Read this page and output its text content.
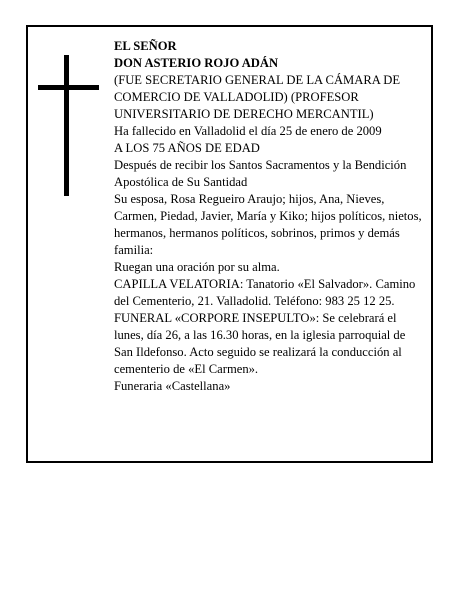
EL SEÑOR

DON ASTERIO ROJO ADÁN

(FUE SECRETARIO GENERAL DE LA CÁMARA DE COMERCIO DE VALLADOLID) (PROFESOR UNIVERSITARIO DE DERECHO MERCANTIL)

Ha fallecido en Valladolid el día 25 de enero de 2009

A LOS 75 AÑOS DE EDAD

Después de recibir los Santos Sacramentos y la Bendición Apostólica de Su Santidad

Su esposa, Rosa Regueiro Araujo; hijos, Ana, Nieves, Carmen, Piedad, Javier, María y Kiko; hijos políticos, nietos, hermanos, hermanos políticos, sobrinos, primos y demás familia:

Ruegan una oración por su alma.

CAPILLA VELATORIA: Tanatorio «El Salvador». Camino del Cementerio, 21. Valladolid. Teléfono: 983 25 12 25.

FUNERAL «CORPORE INSEPULTO»: Se celebrará el lunes, día 26, a las 16.30 horas, en la iglesia parroquial de San Ildefonso. Acto seguido se realizará la conducción al cementerio de «El Carmen».

Funeraria «Castellana»
